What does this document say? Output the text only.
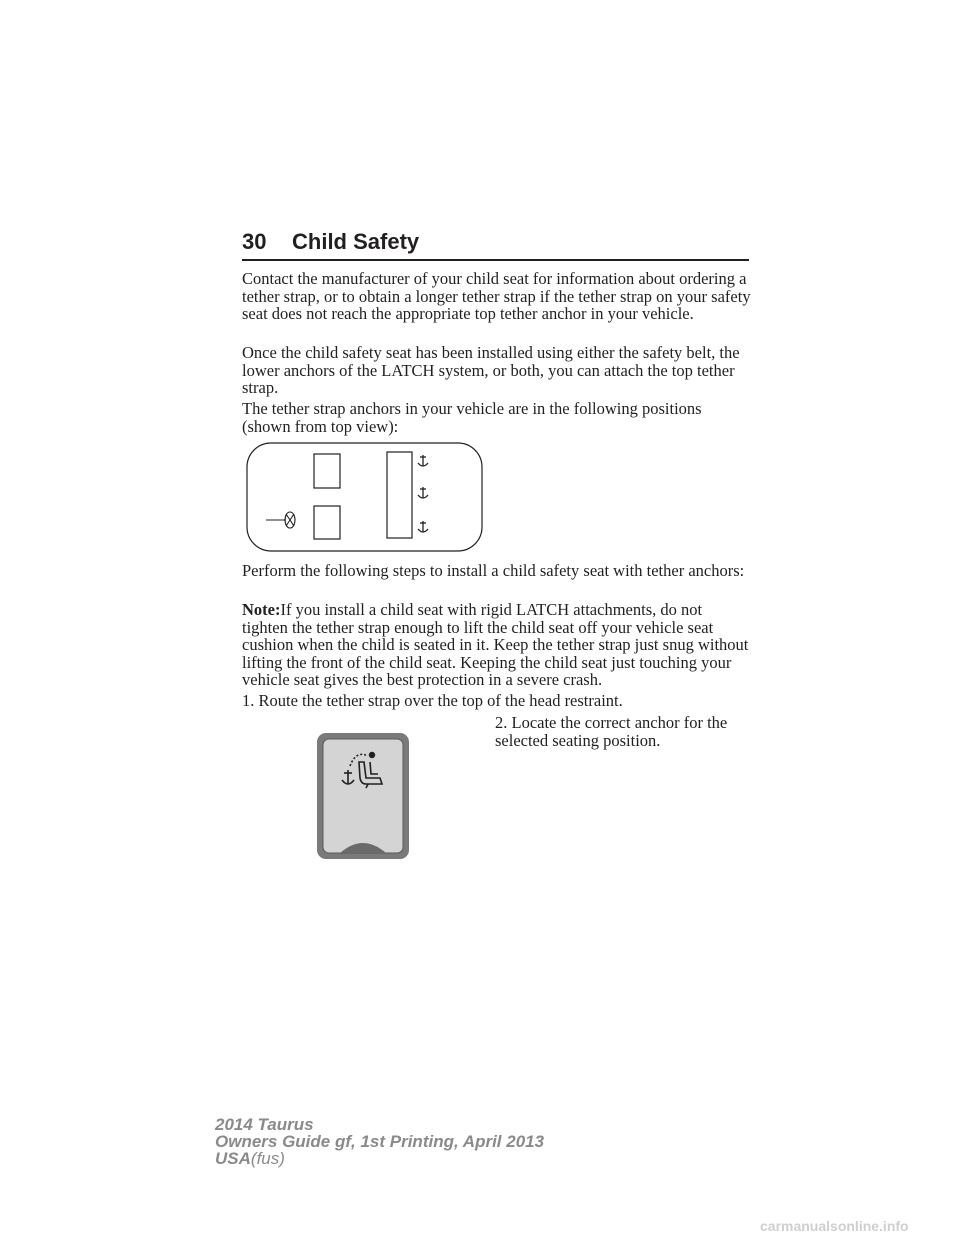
30 Child Safety

Contact the manufacturer of your child seat for information about ordering a tether strap, or to obtain a longer tether strap if the tether strap on your safety seat does not reach the appropriate top tether anchor in your vehicle.

Once the child safety seat has been installed using either the safety belt, the lower anchors of the LATCH system, or both, you can attach the top tether strap.

The tether strap anchors in your vehicle are in the following positions (shown from top view):

Perform the following steps to install a child safety seat with tether anchors:

Note:If you install a child seat with rigid LATCH attachments, do not tighten the tether strap enough to lift the child seat off your vehicle seat cushion when the child is seated in it. Keep the tether strap just snug without lifting the front of the child seat. Keeping the child seat just touching your vehicle seat gives the best protection in a severe crash.

1. Route the tether strap over the top of the head restraint.

2. Locate the correct anchor for the selected seating position.

2014 Taurus
Owners Guide gf, 1st Printing, April 2013
USA(fus)
carmanualsonline.info
